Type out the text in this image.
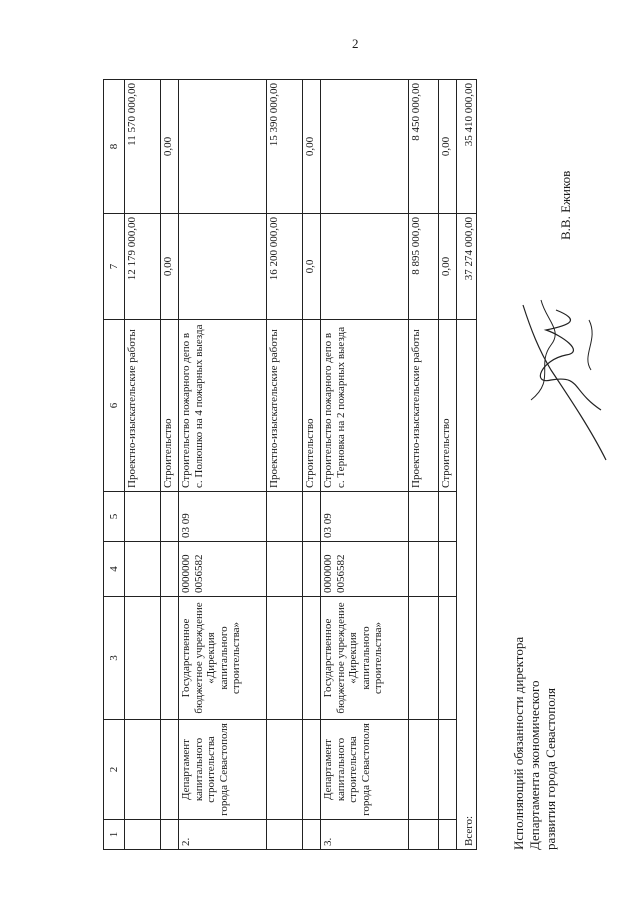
2
1	2	3	4	5	6	7	8
					Проектно-изыскательские работы	12 179 000,00	11 570 000,00
					Строительство	0,00	0,00
2.	Департамент капитального строительства города Севастополя	Государственное бюджетное учреждение «Дирекция капитального строительства»	0000000 0056582	03 09	Строительство пожарного депо в с. Полюшко на 4 пожарных выезда		
					Проектно-изыскательские работы	16 200 000,00	15 390 000,00
					Строительство	0,0	0,00
3.	Департамент капитального строительства города Севастополя	Государственное бюджетное учреждение «Дирекция капитального строительства»	0000000 0056582	03 09	Строительство пожарного депо в с. Терновка на 2 пожарных выезда		
					Проектно-изыскательские работы	8 895 000,00	8 450 000,00
					Строительство	0,00	0,00
Всего:						37 274 000,00	35 410 000,00
Исполняющий обязанности директора Департамента экономического развития города Севастополя
В.В. Ежиков
